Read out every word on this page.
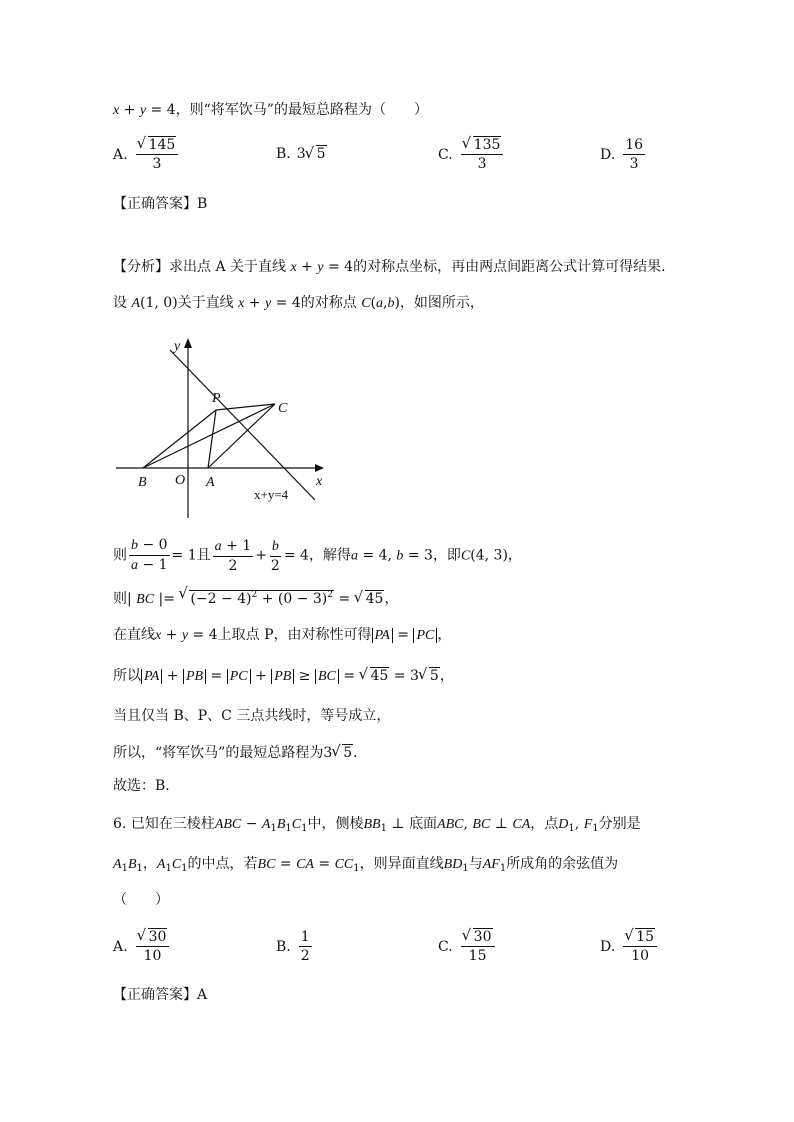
x + y = 4，则“将军饮马”的最短总路程为（　　）
A. √ $\frac{145}{3}$	B. 3 √ 5	C. √ $\frac{135}{3}$	D. $\frac{16}{3}$
【正确答案】B
【分析】求出点 A 关于直线 x + y = 4的对称点坐标，再由两点间距离公式计算可得结果.
设 A(1, 0)关于直线 x + y = 4的对称点 C(a,b)，如图所示，
y
x
P
C
B O A
x+y=4
则 $\frac{b - 0}{a - 1} = 1$且 $\frac{a + 1}{2} + \frac{b}{2} = 4$，解得a = 4, b = 3，即C(4, 3)，
则| BC |= √ $(-2 - 4)^2 + (0 - 3)^2$ = √ 45，
在直线x + y = 4上取点 P，由对称性可得 PA = PC ，
所以 PA + PB = PC + PB ≥ BC = √ 45 = 3 √ 5，
当且仅当 B、P、C 三点共线时，等号成立，
所以，“将军饮马”的最短总路程为3 √ 5．
故选：B．
6. 已知在三棱柱ABC − $A_1B_1C_1$中，侧棱$BB_1$ ⊥ 底面ABC, BC ⊥ CA，点$D_1$, $F_1$分别是
$A_1B_1$，$A_1C_1$的中点，若BC = CA = $CC_1$，则异面直线$BD_1$与$AF_1$所成角的余弦值为
（　　）
A. √ $\frac{30}{10}$	B. $\frac{1}{2}$	C. √ $\frac{30}{15}$	D. √ $\frac{15}{10}$
【正确答案】A
